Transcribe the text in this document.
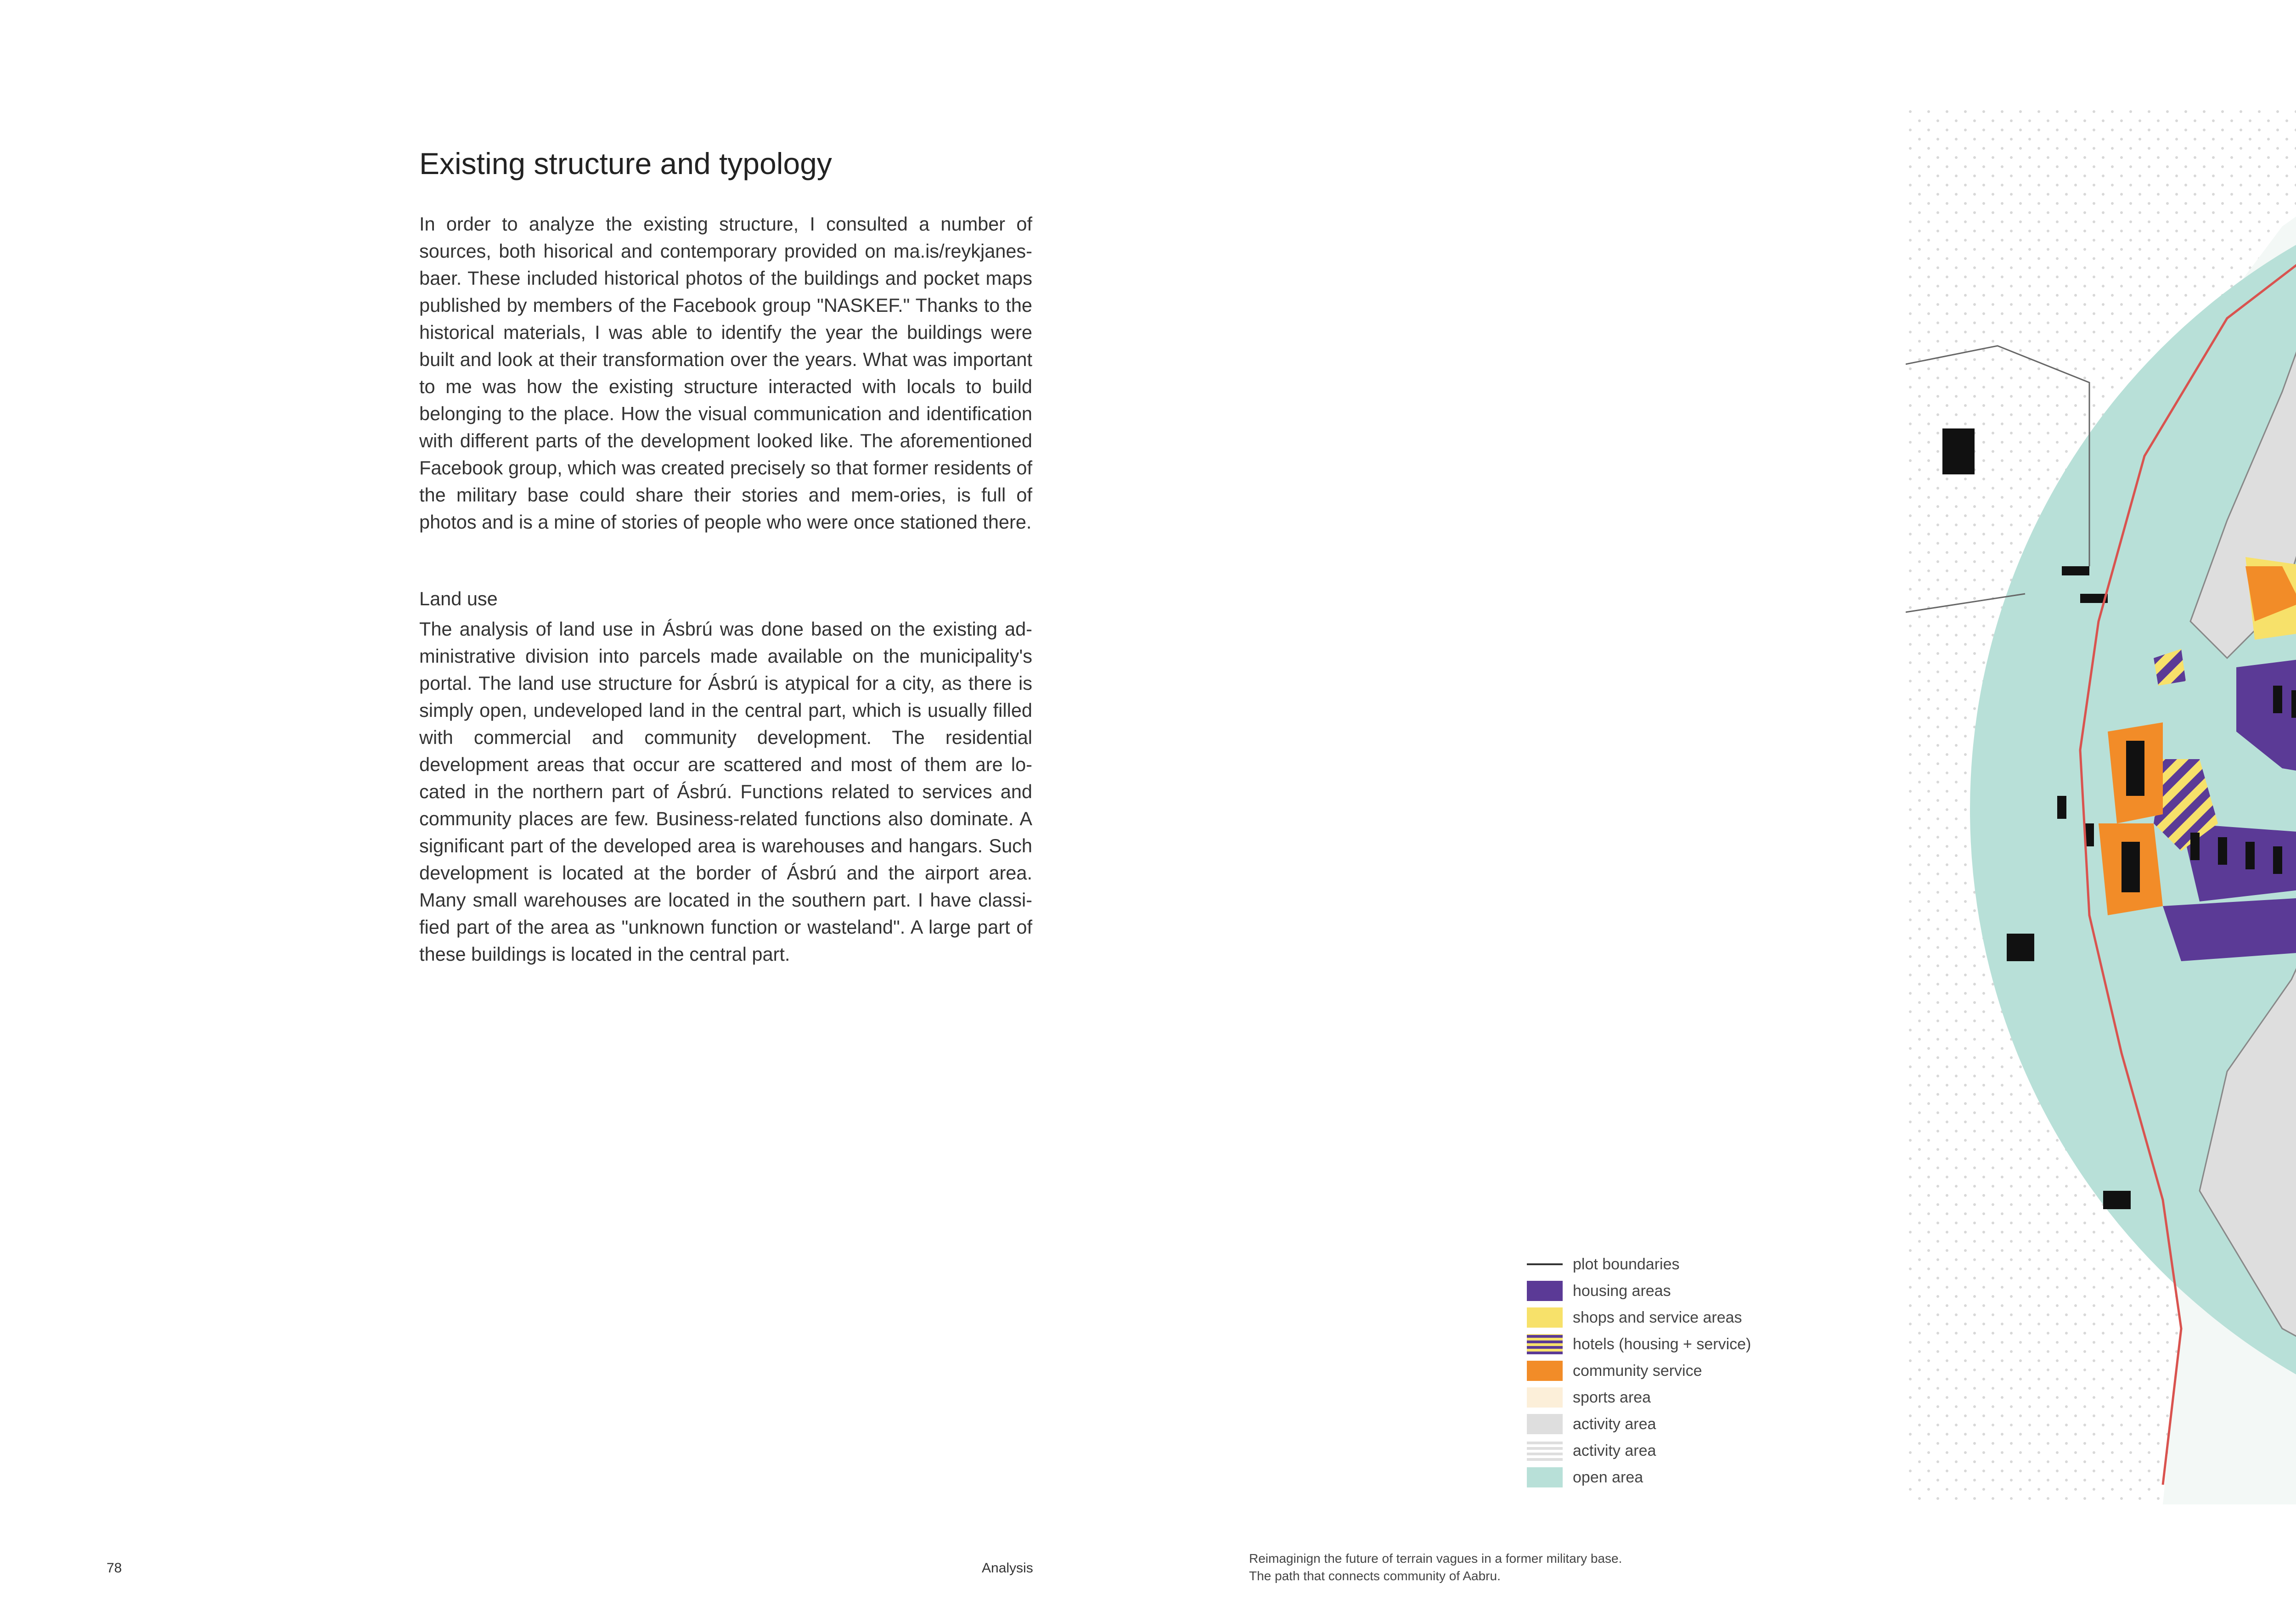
Existing structure and typology

In order to analyze the existing structure, I consulted a number of sources, both hisorical and contemporary provided on ma.is/reykjanes-baer. These included historical photos of the buildings and pocket maps published by members of the Facebook group "NASKEF." Thanks to the historical materials, I was able to identify the year the buildings were built and look at their transformation over the years. What was important to me was how the existing structure interacted with locals to build belonging to the place. How the visual communication and identification with different parts of the development looked like. The aforementioned Facebook group, which was created precisely so that former residents of the military base could share their stories and mem-ories, is full of photos and is a mine of stories of people who were once stationed there.

Land use

The analysis of land use in Ásbrú was done based on the existing ad-ministrative division into parcels made available on the municipality's portal. The land use structure for Ásbrú is atypical for a city, as there is simply open, undeveloped land in the central part, which is usually filled with commercial and community development. The residential development areas that occur are scattered and most of them are lo-cated in the northern part of Ásbrú. Functions related to services and community places are few. Business-related functions also dominate. A significant part of the developed area is warehouses and hangars. Such development is located at the border of Ásbrú and the airport area. Many small warehouses are located in the southern part. I have classi-fied part of the area as "unknown function or wasteland". A large part of these buildings is located in the central part.

plot boundaries
housing areas
shops and service areas
hotels (housing + service)
community service
sports area
activity area
activity area
open area
78	Analysis
Reimaginign the future of terrain vagues in a former military base.
The path that connects community of Aabru.
